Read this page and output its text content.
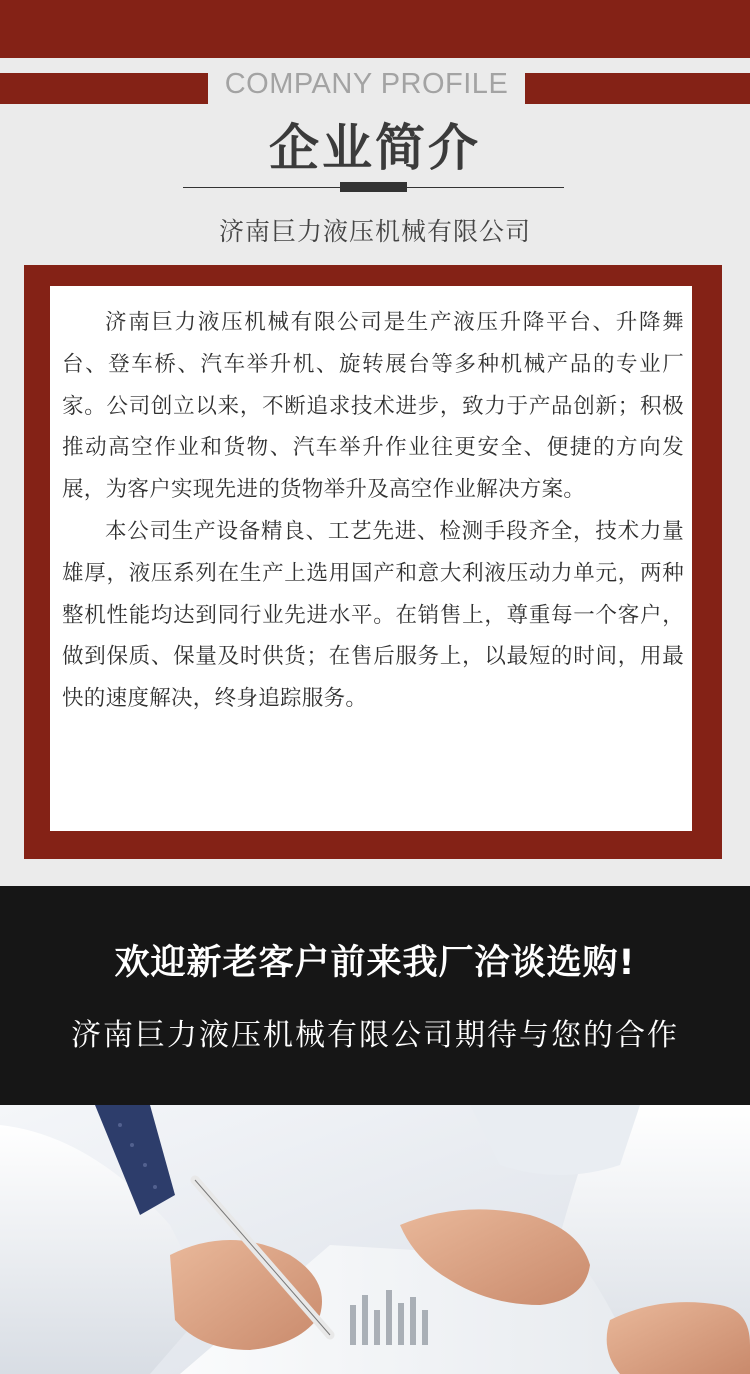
COMPANY PROFILE
企业简介
济南巨力液压机械有限公司

济南巨力液压机械有限公司是生产液压升降平台、升降舞台、登车桥、汽车举升机、旋转展台等多种机械产品的专业厂家。公司创立以来，不断追求技术进步，致力于产品创新；积极推动高空作业和货物、汽车举升作业往更安全、便捷的方向发展，为客户实现先进的货物举升及高空作业解决方案。

本公司生产设备精良、工艺先进、检测手段齐全，技术力量雄厚，液压系列在生产上选用国产和意大利液压动力单元，两种整机性能均达到同行业先进水平。在销售上，尊重每一个客户，做到保质、保量及时供货；在售后服务上，以最短的时间，用最快的速度解决，终身追踪服务。

欢迎新老客户前来我厂洽谈选购!
济南巨力液压机械有限公司期待与您的合作
